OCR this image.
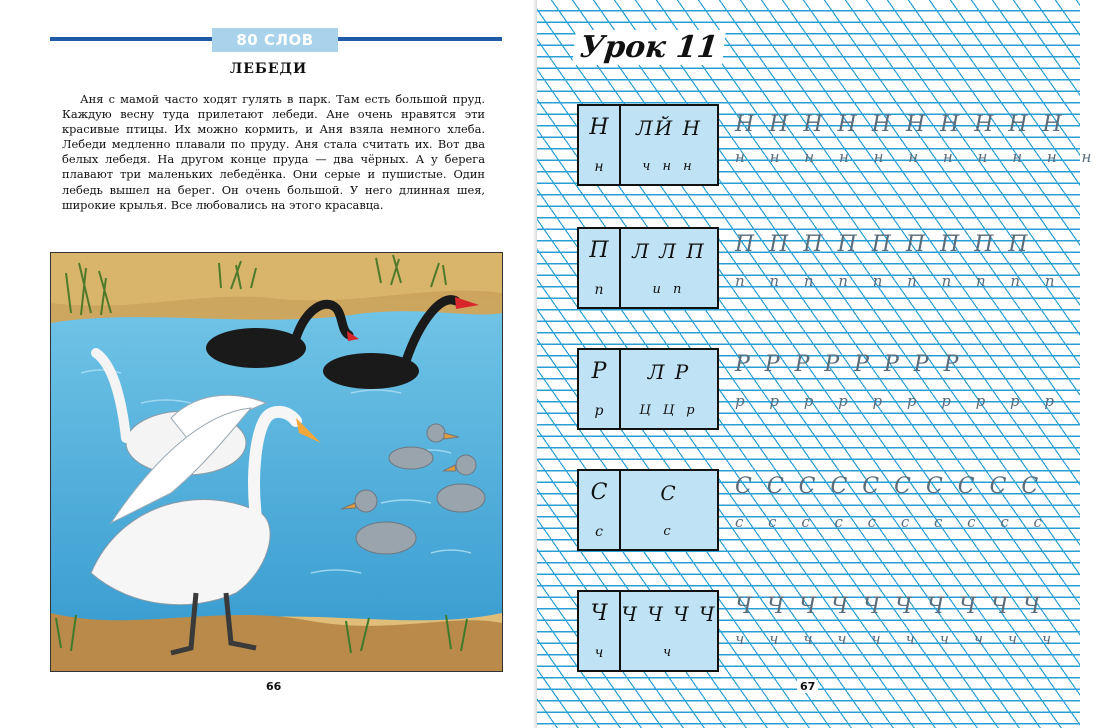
80 СЛОВ
ЛЕБЕДИ
Аня с мамой часто ходят гулять в парк. Там есть большой пруд. Каждую весну туда прилетают лебеди. Ане очень нравятся эти красивые птицы. Их можно кормить, и Аня взяла немного хлеба. Лебеди медленно плавали по пруду. Аня стала считать их. Вот два белых лебедя. На другом конце пруда — два чёрных. А у берега плавают три маленьких лебедёнка. Они серые и пушистые. Один лебедь вышел на берег. Он очень большой. У него длинная шея, широкие крылья. Все любовались на этого красавца.
66
Урок 11
Н
н
ЛЙ Н
ч н н
Н Н Н Н Н Н Н Н Н Н
н н н н н н н н н н н
П
п
Л Л П
и п
П П П П П П П П П
п п п п п п п п п п
Р
р
Л Р
Ц Ц р
Р Р Р Р Р Р Р Р
р р р р р р р р р р
С
с
С
с
С С С С С С С С С С
с с с с с с с с с с
Ч
ч
Ч Ч Ч Ч
ч
Ч Ч Ч Ч Ч Ч Ч Ч Ч Ч
ч ч ч ч ч ч ч ч ч ч
67
